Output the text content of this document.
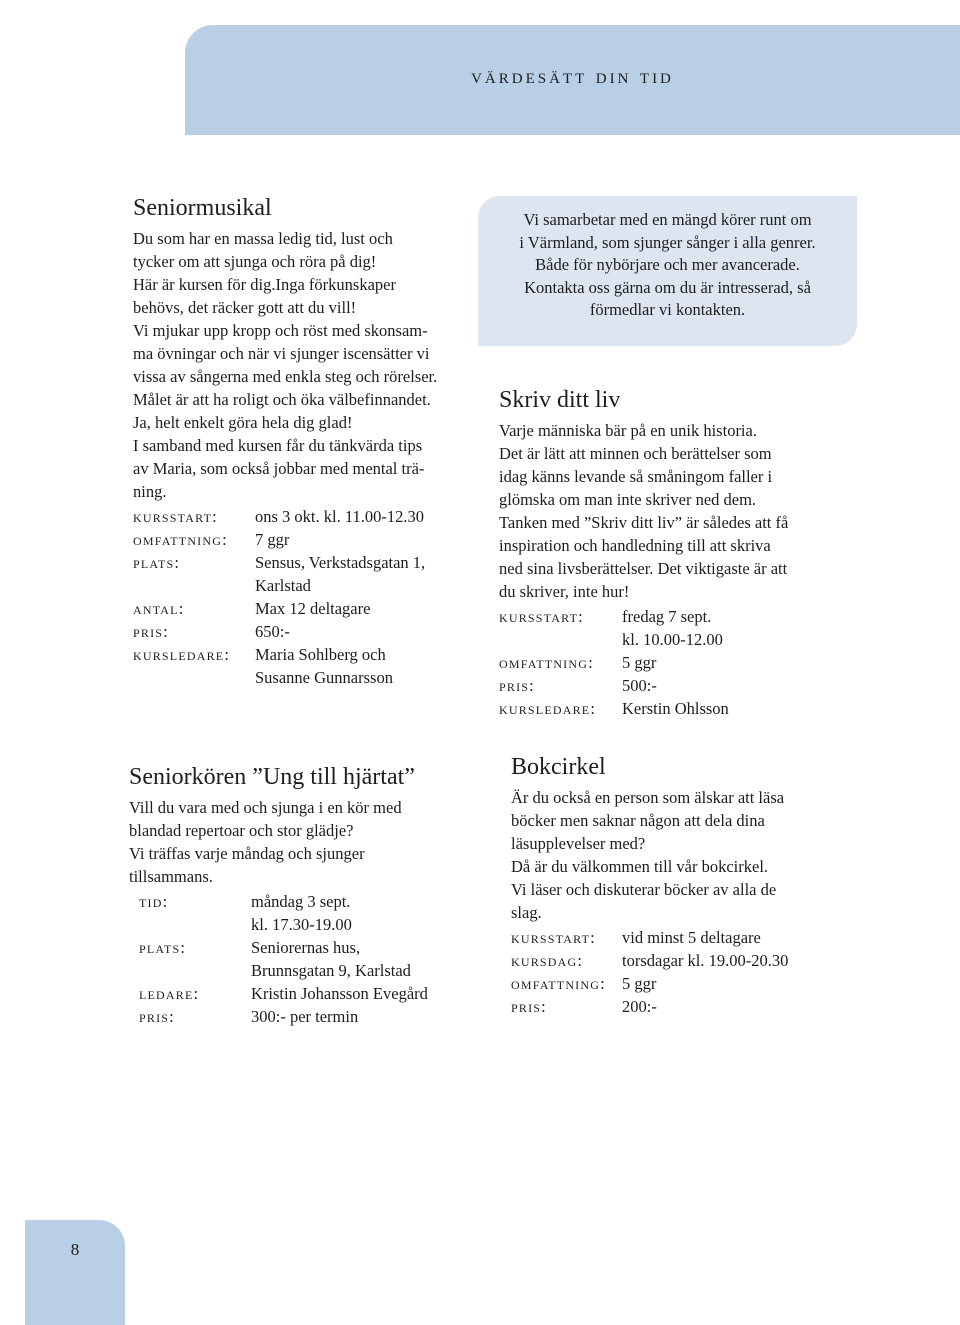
värdesätt din tid
Seniormusikal
Du som har en massa ledig tid, lust och
tycker om att sjunga och röra på dig!
Här är kursen för dig.Inga förkunskaper
behövs, det räcker gott att du vill!
Vi mjukar upp kropp och röst med skonsam-
ma övningar och när vi sjunger iscensätter vi
vissa av sångerna med enkla steg och rörelser.
Målet är att ha roligt och öka välbefinnandet.
Ja, helt enkelt göra hela dig glad!
I samband med kursen får du tänkvärda tips
av Maria, som också jobbar med mental trä-
ning.
kursstart:	ons 3 okt. kl. 11.00-12.30
omfattning:	7 ggr
plats:	Sensus, Verkstadsgatan 1,
Karlstad
antal:	Max 12 deltagare
pris:	650:-
kursledare:	Maria Sohlberg och
Susanne Gunnarsson
Vi samarbetar med en mängd körer runt om
i Värmland, som sjunger sånger i alla genrer.
Både för nybörjare och mer avancerade.
Kontakta oss gärna om du är intresserad, så
förmedlar vi kontakten.
Skriv ditt liv
Varje människa bär på en unik historia.
Det är lätt att minnen och berättelser som
idag känns levande så småningom faller i
glömska om man inte skriver ned dem.
Tanken med ”Skriv ditt liv” är således att få
inspiration och handledning till att skriva
ned sina livsberättelser. Det viktigaste är att
du skriver, inte hur!
kursstart:	fredag 7 sept.
kl. 10.00-12.00
omfattning:	5 ggr
pris:	500:-
kursledare:	Kerstin Ohlsson
Seniorkören ”Ung till hjärtat”
Vill du vara med och sjunga i en kör med
blandad repertoar och stor glädje?
Vi träffas varje måndag och sjunger
tillsammans.
tid:	måndag 3 sept.
kl. 17.30-19.00
plats:	Seniorernas hus,
Brunnsgatan 9, Karlstad
ledare:	Kristin Johansson Evegård
pris:	300:- per termin
Bokcirkel
Är du också en person som älskar att läsa
böcker men saknar någon att dela dina
läsupplevelser med?
Då är du välkommen till vår bokcirkel.
Vi läser och diskuterar böcker av alla de
slag.
kursstart:	vid minst 5 deltagare
kursdag:	torsdagar kl. 19.00-20.30
omfattning: 5 ggr
pris:	200:-
8
